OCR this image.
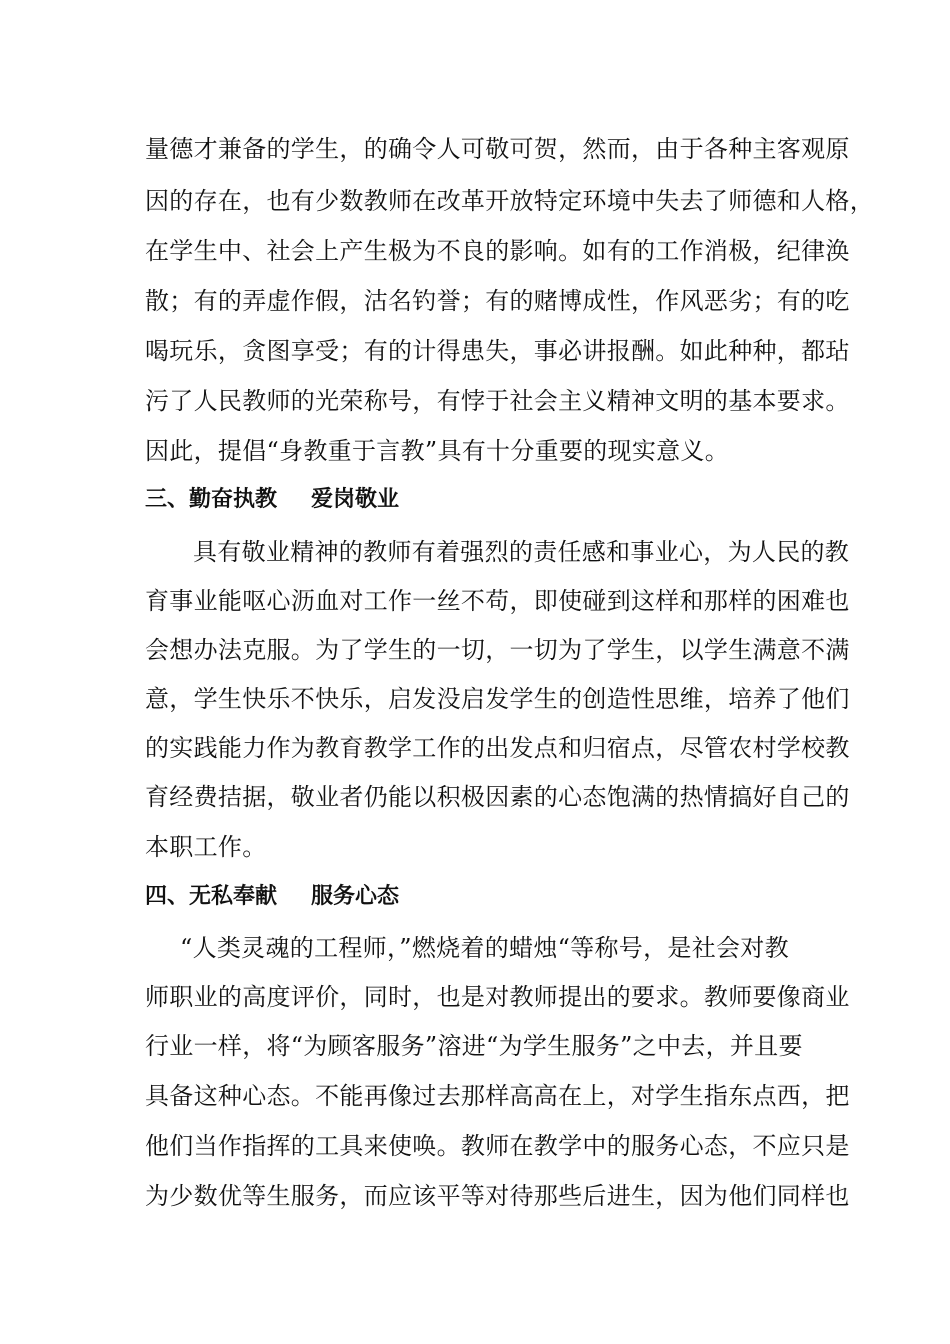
量德才兼备的学生，的确令人可敬可贺，然而，由于各种主客观原
因的存在，也有少数教师在改革开放特定环境中失去了师德和人格，
在学生中、社会上产生极为不良的影响。如有的工作消极，纪律涣
散；有的弄虚作假，沽名钓誉；有的赌博成性，作风恶劣；有的吃
喝玩乐，贪图享受；有的计得患失，事必讲报酬。如此种种，都玷
污了人民教师的光荣称号，有悖于社会主义精神文明的基本要求。
因此，提倡“身教重于言教”具有十分重要的现实意义。
三、勤奋执教 爱岗敬业
具有敬业精神的教师有着强烈的责任感和事业心，为人民的教
育事业能呕心沥血对工作一丝不苟，即使碰到这样和那样的困难也
会想办法克服。为了学生的一切，一切为了学生，以学生满意不满
意，学生快乐不快乐，启发没启发学生的创造性思维，培养了他们
的实践能力作为教育教学工作的出发点和归宿点，尽管农村学校教
育经费拮据，敬业者仍能以积极因素的心态饱满的热情搞好自己的
本职工作。
四、无私奉献 服务心态
“人类灵魂的工程师，”燃烧着的蜡烛“等称号，是社会对教
师职业的高度评价，同时，也是对教师提出的要求。教师要像商业
行业一样，将“为顾客服务”溶进“为学生服务”之中去，并且要
具备这种心态。不能再像过去那样高高在上，对学生指东点西，把
他们当作指挥的工具来使唤。教师在教学中的服务心态，不应只是
为少数优等生服务，而应该平等对待那些后进生，因为他们同样也
